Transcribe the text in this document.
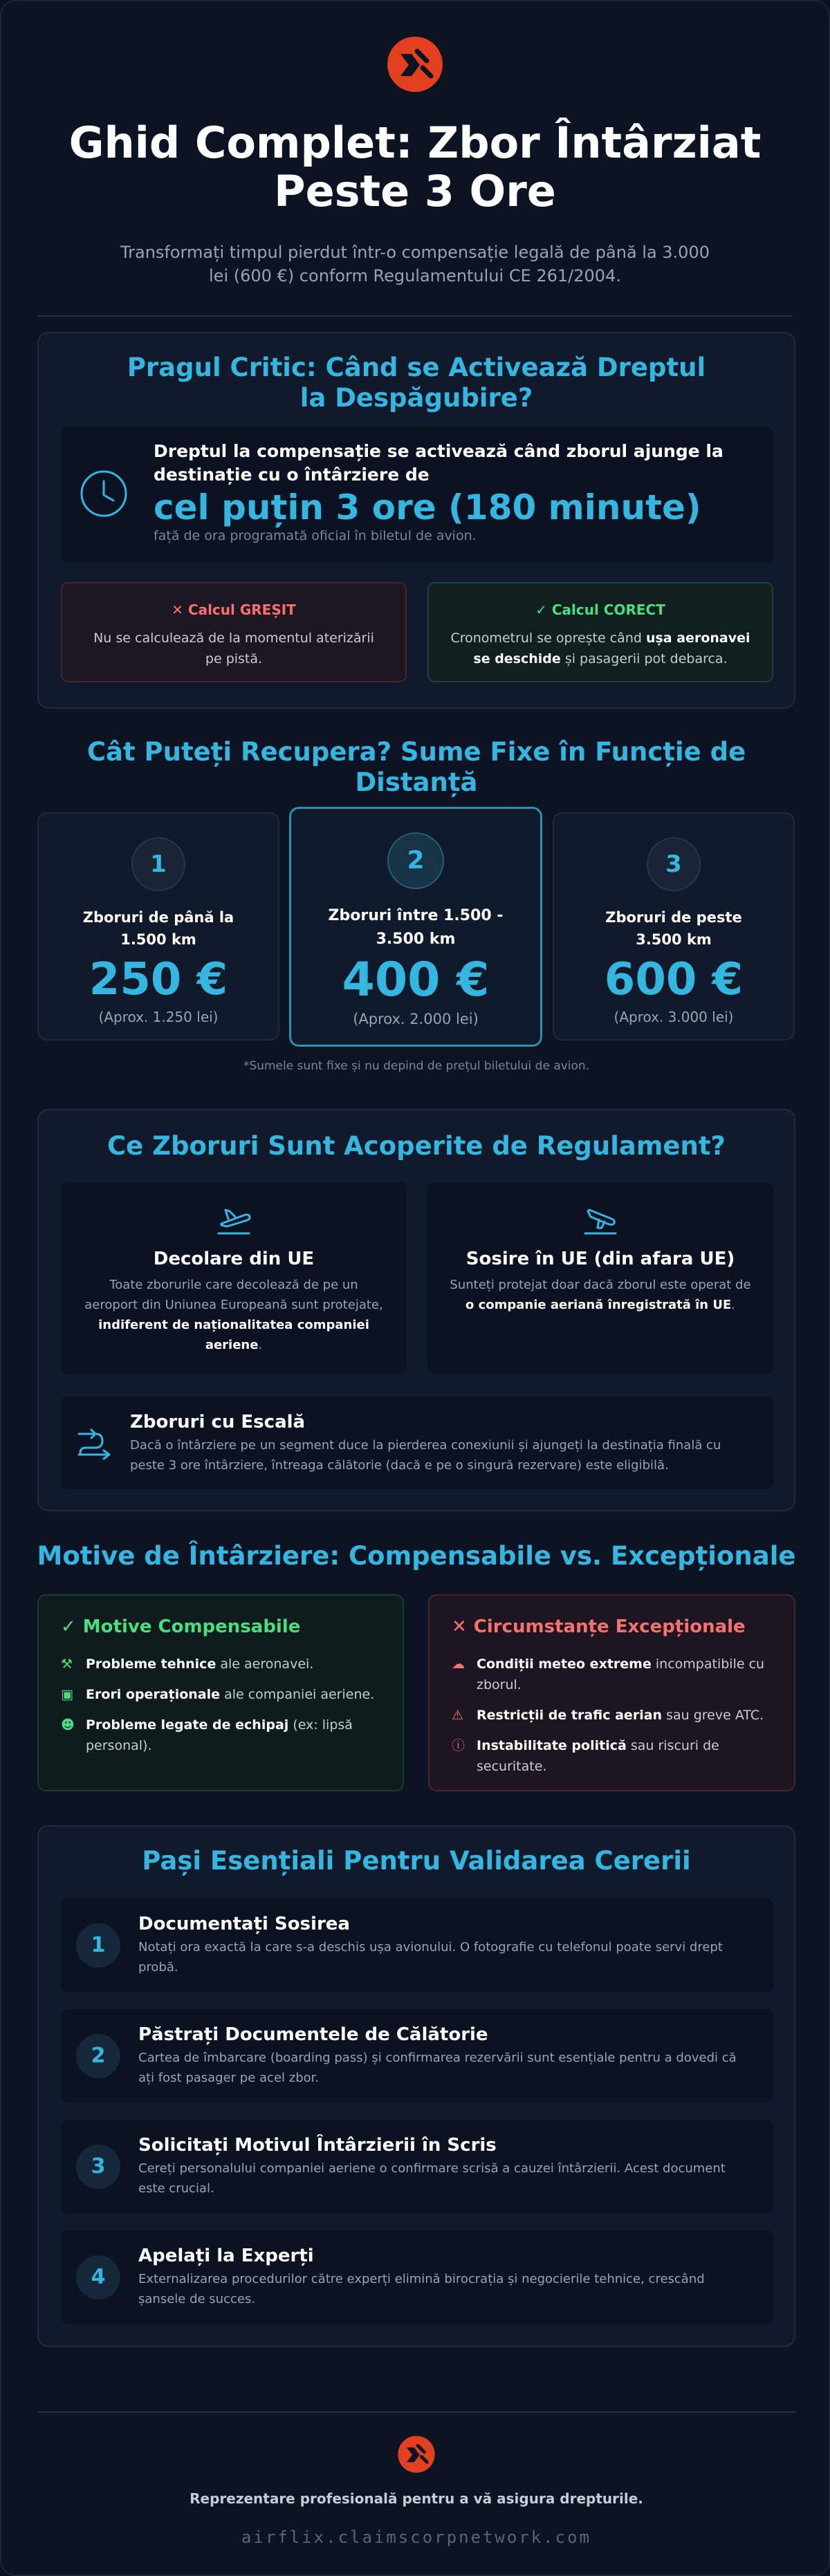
Ghid Complet: Zbor Întârziat
Peste 3 Ore

Transformați timpul pierdut într-o compensație legală de până la 3.000 lei (600 €) conform Regulamentului CE 261/2004.

Pragul Critic: Când se Activează Dreptul la Despăgubire?
Dreptul la compensație se activează când zborul ajunge la destinație cu o întârziere de
cel puțin 3 ore (180 minute)
față de ora programată oficial în biletul de avion.
✕ Calcul GREȘIT
Nu se calculează de la momentul aterizării pe pistă.
✓ Calcul CORECT
Cronometrul se oprește când ușa aeronavei se deschide și pasagerii pot debarca.
Cât Puteți Recupera? Sume Fixe în Funcție de Distanță
1
Zboruri de până la 1.500 km
250 €
(Aprox. 1.250 lei)
2
Zboruri între 1.500 - 3.500 km
400 €
(Aprox. 2.000 lei)
3
Zboruri de peste 3.500 km
600 €
(Aprox. 3.000 lei)
*Sumele sunt fixe și nu depind de prețul biletului de avion.
Ce Zboruri Sunt Acoperite de Regulament?
Decolare din UE
Toate zborurile care decolează de pe un aeroport din Uniunea Europeană sunt protejate, indiferent de naționalitatea companiei aeriene.
Sosire în UE (din afara UE)
Sunteți protejat doar dacă zborul este operat de o companie aeriană înregistrată în UE.
Zboruri cu Escală
Dacă o întârziere pe un segment duce la pierderea conexiunii și ajungeți la destinația finală cu peste 3 ore întârziere, întreaga călătorie (dacă e pe o singură rezervare) este eligibilă.
Motive de Întârziere: Compensabile vs. Excepționale
✓ Motive Compensabile
⚒ Probleme tehnice ale aeronavei.
▣ Erori operaționale ale companiei aeriene.
☻ Probleme legate de echipaj (ex: lipsă personal).
✕ Circumstanțe Excepționale
☁ Condiții meteo extreme incompatibile cu zborul.
⚠ Restricții de trafic aerian sau greve ATC.
ⓘ Instabilitate politică sau riscuri de securitate.
Pași Esențiali Pentru Validarea Cererii
1
Documentați Sosirea
Notați ora exactă la care s-a deschis ușa avionului. O fotografie cu telefonul poate servi drept probă.
2
Păstrați Documentele de Călătorie
Cartea de îmbarcare (boarding pass) și confirmarea rezervării sunt esențiale pentru a dovedi că ați fost pasager pe acel zbor.
3
Solicitați Motivul Întârzierii în Scris
Cereți personalului companiei aeriene o confirmare scrisă a cauzei întârzierii. Acest document este crucial.
4
Apelați la Experți
Externalizarea procedurilor către experți elimină birocrația și negocierile tehnice, crescând șansele de succes.
Reprezentare profesională pentru a vă asigura drepturile.
airflix.claimscorpnetwork.com
